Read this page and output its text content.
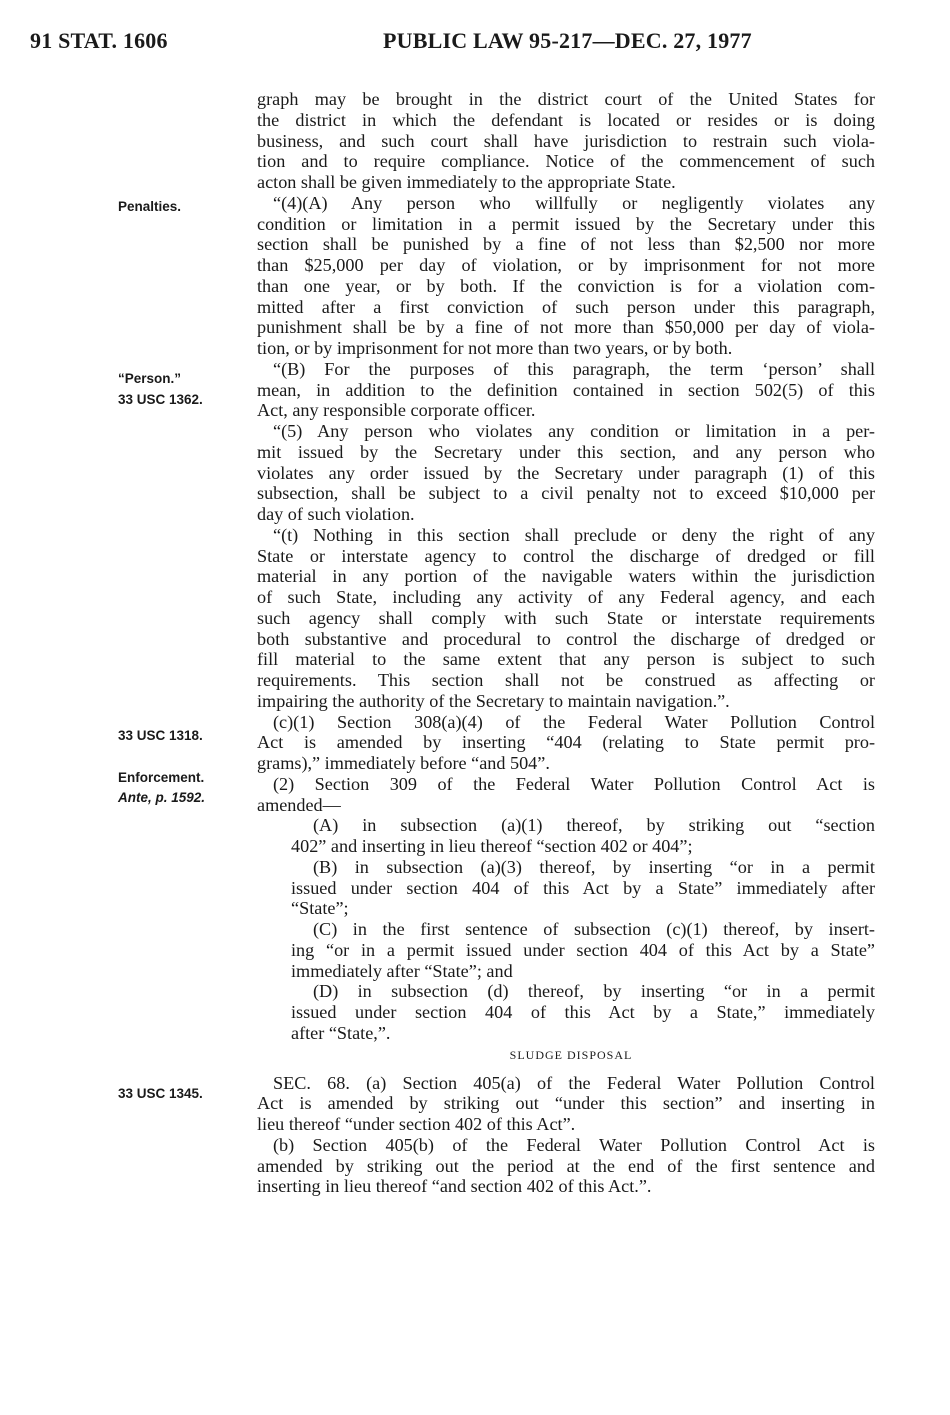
91 STAT. 1606	PUBLIC LAW 95-217—DEC. 27, 1977
Penalties.
“Person.”
33 USC 1362.
33 USC 1318.
Enforcement.
Ante, p. 1592.
33 USC 1345.
graph may be brought in the district court of the United States for
the district in which the defendant is located or resides or is doing
business, and such court shall have jurisdiction to restrain such viola-
tion and to require compliance. Notice of the commencement of such
acton shall be given immediately to the appropriate State.
“(4)(A) Any person who willfully or negligently violates any
condition or limitation in a permit issued by the Secretary under this
section shall be punished by a fine of not less than $2,500 nor more
than $25,000 per day of violation, or by imprisonment for not more
than one year, or by both. If the conviction is for a violation com-
mitted after a first conviction of such person under this paragraph,
punishment shall be by a fine of not more than $50,000 per day of viola-
tion, or by imprisonment for not more than two years, or by both.
“(B) For the purposes of this paragraph, the term ‘person’ shall
mean, in addition to the definition contained in section 502(5) of this
Act, any responsible corporate officer.
“(5) Any person who violates any condition or limitation in a per-
mit issued by the Secretary under this section, and any person who
violates any order issued by the Secretary under paragraph (1) of this
subsection, shall be subject to a civil penalty not to exceed $10,000 per
day of such violation.
“(t) Nothing in this section shall preclude or deny the right of any
State or interstate agency to control the discharge of dredged or fill
material in any portion of the navigable waters within the jurisdiction
of such State, including any activity of any Federal agency, and each
such agency shall comply with such State or interstate requirements
both substantive and procedural to control the discharge of dredged or
fill material to the same extent that any person is subject to such
requirements. This section shall not be construed as affecting or
impairing the authority of the Secretary to maintain navigation.”.
(c)(1) Section 308(a)(4) of the Federal Water Pollution Control
Act is amended by inserting “404 (relating to State permit pro-
grams),” immediately before “and 504”.
(2) Section 309 of the Federal Water Pollution Control Act is
amended—
(A) in subsection (a)(1) thereof, by striking out “section
402” and inserting in lieu thereof “section 402 or 404”;
(B) in subsection (a)(3) thereof, by inserting “or in a permit
issued under section 404 of this Act by a State” immediately after
“State”;
(C) in the first sentence of subsection (c)(1) thereof, by insert-
ing “or in a permit issued under section 404 of this Act by a State”
immediately after “State”; and
(D) in subsection (d) thereof, by inserting “or in a permit
issued under section 404 of this Act by a State,” immediately
after “State,”.
SLUDGE DISPOSAL
SEC. 68. (a) Section 405(a) of the Federal Water Pollution Control
Act is amended by striking out “under this section” and inserting in
lieu thereof “under section 402 of this Act”.
(b) Section 405(b) of the Federal Water Pollution Control Act is
amended by striking out the period at the end of the first sentence and
inserting in lieu thereof “and section 402 of this Act.”.
